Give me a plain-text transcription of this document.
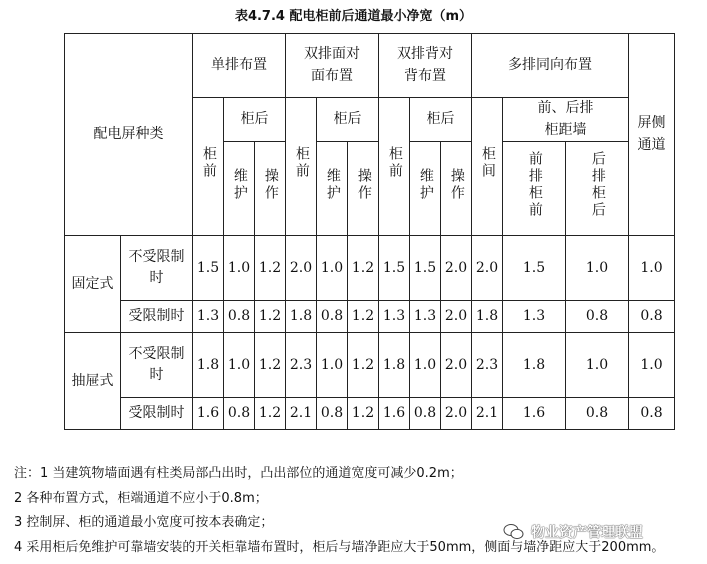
表4.7.4 配电柜前后通道最小净宽（m）
配电屏种类		单排布置			双排面对面布置			双排背对背布置			多排同向布置			屏侧通道

		柜前	柜后		柜前	柜后		柜前	柜后		柜间	前、后排柜距墙		

			维护	操作		维护	操作		维护	操作		前排柜前	后排柜后	
固定式	不受限制时	1.5	1.0	1.2	2.0	1.0	1.2	1.5	1.5	2.0	2.0	1.5	1.0	1.0
	受限制时	1.3	0.8	1.2	1.8	0.8	1.2	1.3	1.3	2.0	1.8	1.3	0.8	0.8
抽屉式	不受限制时	1.8	1.0	1.2	2.3	1.0	1.2	1.8	1.0	2.0	2.3	1.8	1.0	1.0
	受限制时	1.6	0.8	1.2	2.1	0.8	1.2	1.6	0.8	2.0	2.1	1.6	0.8	0.8
注：1 当建筑物墙面遇有柱类局部凸出时，凸出部位的通道宽度可减少0.2m；
2 各种布置方式，柜端通道不应小于0.8m；
3 控制屏、柜的通道最小宽度可按本表确定；
4 采用柜后免维护可靠墙安装的开关柜靠墙布置时，柜后与墙净距应大于50mm，侧面与墙净距应大于200mm。
物业资产管理联盟
